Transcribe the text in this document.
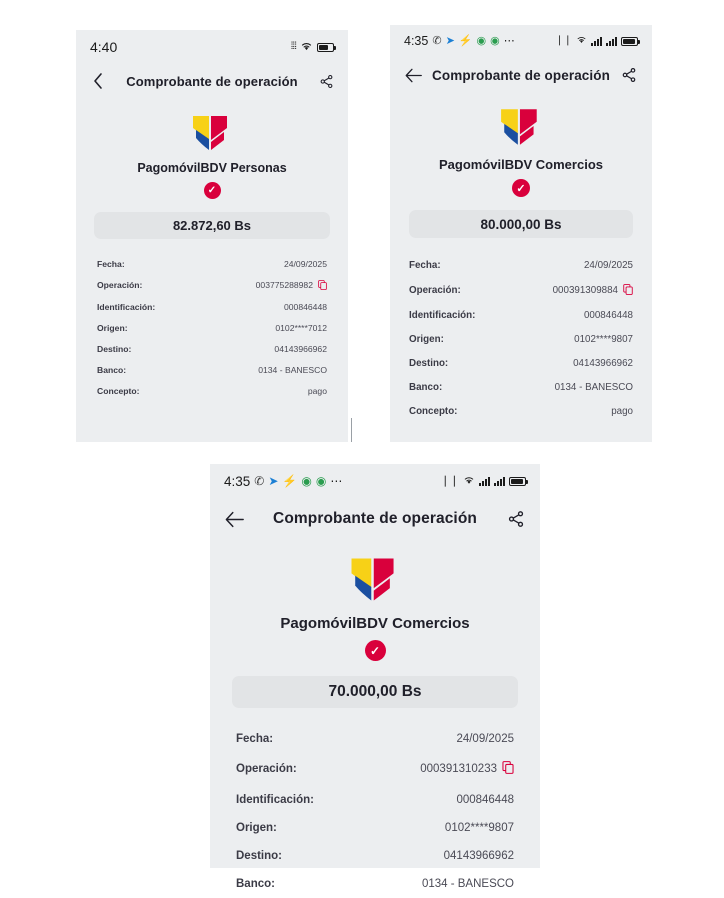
4:40	⁞⁞⁞
Comprobante de operación
PagomóvilBDV Personas
✓
82.872,60 Bs
Fecha:	24/09/2025
Operación:	003775288982
Identificación:	000846448
Origen:	0102****7012
Destino:	04143966962
Banco:	0134 - BANESCO
Concepto:	pago
4:35 ✆ ➤ ⚡ ◉ ◉ ⋯	❘❘
Comprobante de operación
PagomóvilBDV Comercios
✓
80.000,00 Bs
Fecha:	24/09/2025
Operación:	000391309884
Identificación:	000846448
Origen:	0102****9807
Destino:	04143966962
Banco:	0134 - BANESCO
Concepto:	pago
4:35 ✆ ➤ ⚡ ◉ ◉ ⋯	❘❘
Comprobante de operación
PagomóvilBDV Comercios
✓
70.000,00 Bs
Fecha:	24/09/2025
Operación:	000391310233
Identificación:	000846448
Origen:	0102****9807
Destino:	04143966962
Banco:	0134 - BANESCO
